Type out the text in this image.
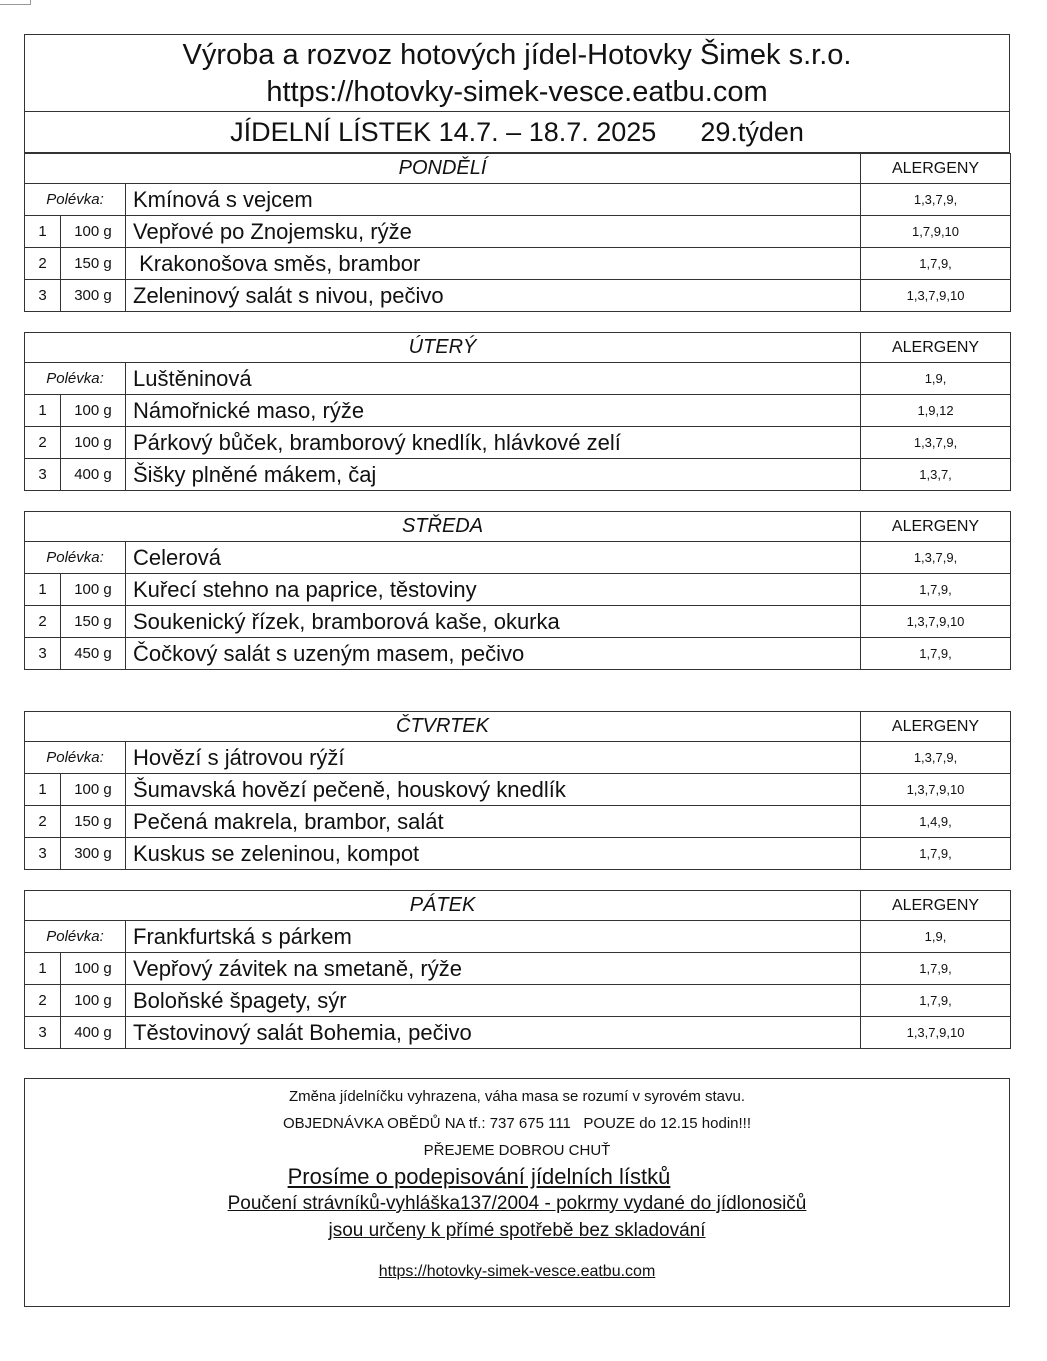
Výroba a rozvoz hotových jídel-Hotovky Šimek s.r.o.
https://hotovky-simek-vesce.eatbu.com

JÍDELNÍ LÍSTEK 14.7. – 18.7. 2025 29.týden
PONDĚLÍ			ALERGENY
Polévka:		Kmínová s vejcem	1,3,7,9,
1	100 g	Vepřové po Znojemsku, rýže	1,7,9,10
2	150 g	Krakonošova směs, brambor	1,7,9,
3	300 g	Zeleninový salát s nivou, pečivo	1,3,7,9,10
ÚTERÝ			ALERGENY
Polévka:		Luštěninová	1,9,
1	100 g	Námořnické maso, rýže	1,9,12
2	100 g	Párkový bůček, bramborový knedlík, hlávkové zelí	1,3,7,9,
3	400 g	Šišky plněné mákem, čaj	1,3,7,
STŘEDA			ALERGENY
Polévka:		Celerová	1,3,7,9,
1	100 g	Kuřecí stehno na paprice, těstoviny	1,7,9,
2	150 g	Soukenický řízek, bramborová kaše, okurka	1,3,7,9,10
3	450 g	Čočkový salát s uzeným masem, pečivo	1,7,9,
ČTVRTEK			ALERGENY
Polévka:		Hovězí s játrovou rýží	1,3,7,9,
1	100 g	Šumavská hovězí pečeně, houskový knedlík	1,3,7,9,10
2	150 g	Pečená makrela, brambor, salát	1,4,9,
3	300 g	Kuskus se zeleninou, kompot	1,7,9,
PÁTEK			ALERGENY
Polévka:		Frankfurtská s párkem	1,9,
1	100 g	Vepřový závitek na smetaně, rýže	1,7,9,
2	100 g	Boloňské špagety, sýr	1,7,9,
3	400 g	Těstovinový salát Bohemia, pečivo	1,3,7,9,10
Změna jídelníčku vyhrazena, váha masa se rozumí v syrovém stavu.
OBJEDNÁVKA OBĚDŮ NA tf.: 737 675 111   POUZE do 12.15 hodin!!!
PŘEJEME DOBROU CHUŤ
Prosíme o podepisování jídelních lístků
Poučení strávníků-vyhláška137/2004 - pokrmy vydané do jídlonosičů
jsou určeny k přímé spotřebě bez skladování
https://hotovky-simek-vesce.eatbu.com
